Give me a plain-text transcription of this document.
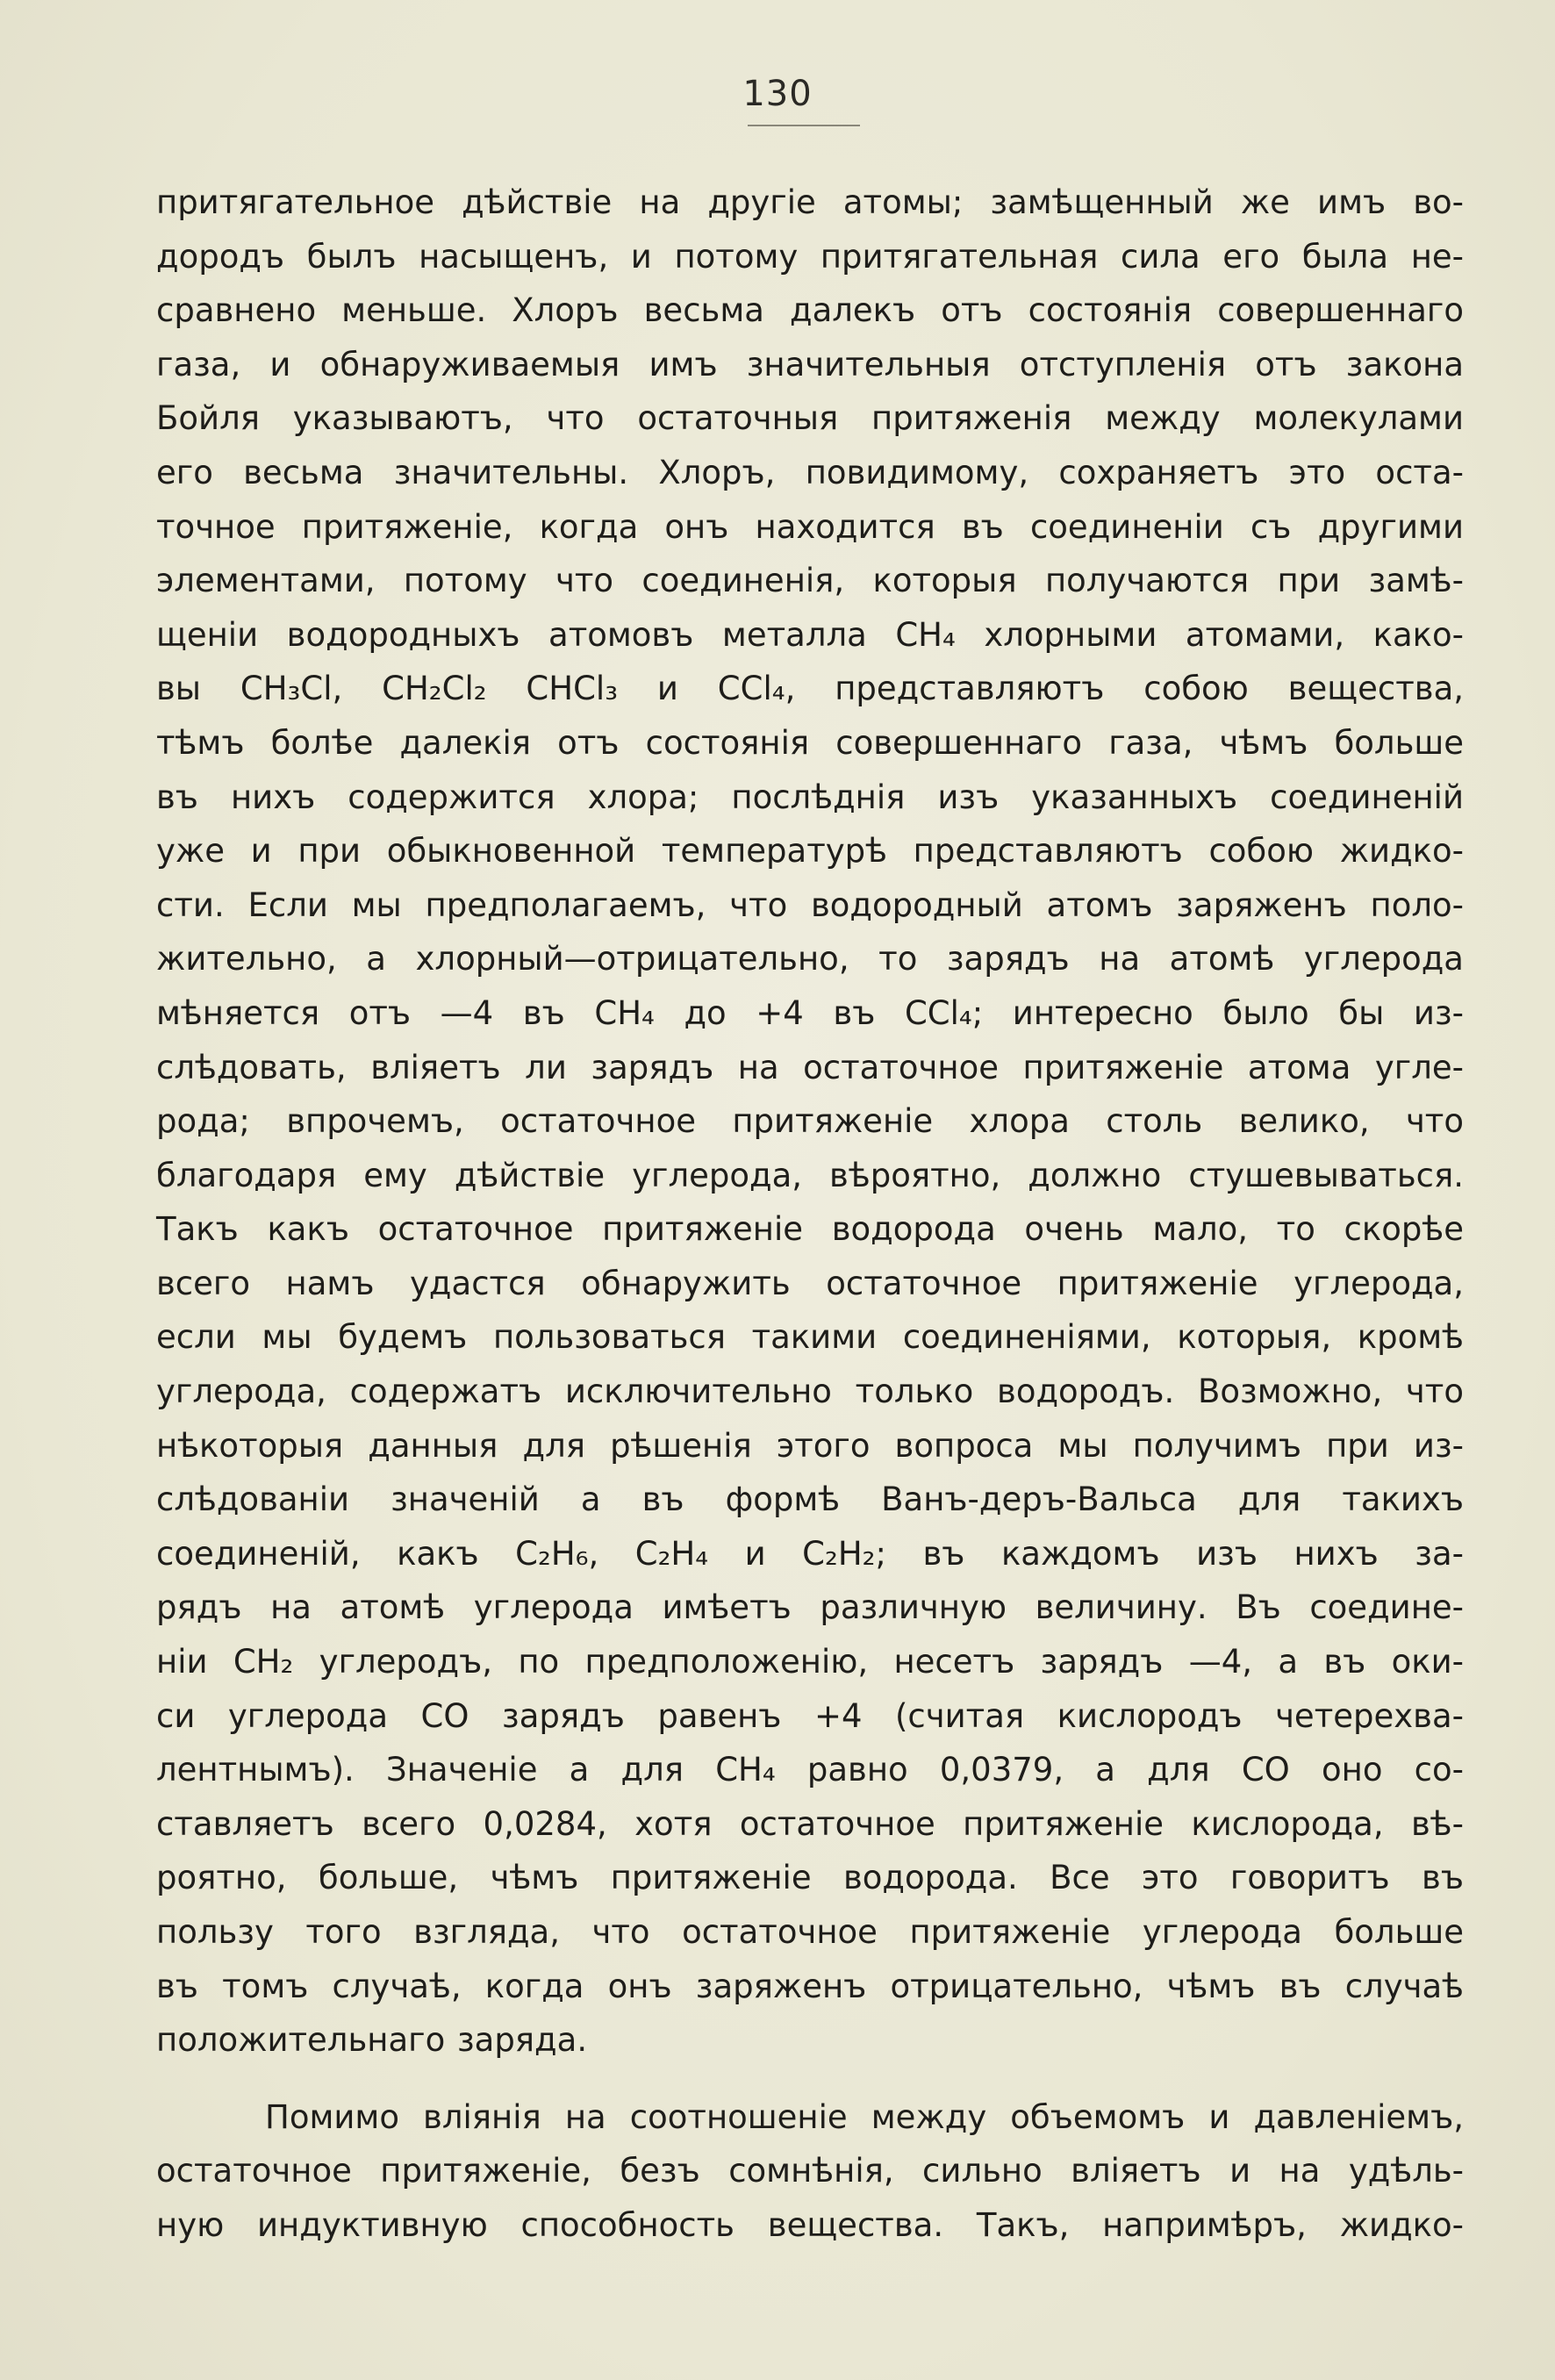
130
притягательное дѣйствіе на другіе атомы; замѣщенный же имъ во-
дородъ былъ насыщенъ, и потому притягательная сила его была не-
сравнено меньше. Хлоръ весьма далекъ отъ состоянія совершеннаго
газа, и обнаруживаемыя имъ значительныя отступленія отъ закона
Бойля указываютъ, что остаточныя притяженія между молекулами
его весьма значительны. Хлоръ, повидимому, сохраняетъ это оста-
точное притяженіе, когда онъ находится въ соединеніи съ другими
элементами, потому что соединенія, которыя получаются при замѣ-
щеніи водородныхъ атомовъ металла CH₄ хлорными атомами, како-
вы CH₃Cl, CH₂Cl₂ CHCl₃ и CCl₄, представляютъ собою вещества,
тѣмъ болѣе далекія отъ состоянія совершеннаго газа, чѣмъ больше
въ нихъ содержится хлора; послѣднія изъ указанныхъ соединеній
уже и при обыкновенной температурѣ представляютъ собою жидко-
сти. Если мы предполагаемъ, что водородный атомъ заряженъ поло-
жительно, а хлорный—отрицательно, то зарядъ на атомѣ углерода
мѣняется отъ —4 въ CH₄ до +4 въ CCl₄; интересно было бы из-
слѣдовать, вліяетъ ли зарядъ на остаточное притяженіе атома угле-
рода; впрочемъ, остаточное притяженіе хлора столь велико, что
благодаря ему дѣйствіе углерода, вѣроятно, должно стушевываться.
Такъ какъ остаточное притяженіе водорода очень мало, то скорѣе
всего намъ удастся обнаружить остаточное притяженіе углерода,
если мы будемъ пользоваться такими соединеніями, которыя, кромѣ
углерода, содержатъ исключительно только водородъ. Возможно, что
нѣкоторыя данныя для рѣшенія этого вопроса мы получимъ при из-
слѣдованіи значеній a въ формѣ Ванъ-деръ-Вальса для такихъ
соединеній, какъ C₂H₆, C₂H₄ и C₂H₂; въ каждомъ изъ нихъ за-
рядъ на атомѣ углерода имѣетъ различную величину. Въ соедине-
ніи CH₂ углеродъ, по предположенію, несетъ зарядъ —4, а въ оки-
си углерода CO зарядъ равенъ +4 (считая кислородъ четерехва-
лентнымъ). Значеніе a для CH₄ равно 0,0379, а для CO оно со-
ставляетъ всего 0,0284, хотя остаточное притяженіе кислорода, вѣ-
роятно, больше, чѣмъ притяженіе водорода. Все это говоритъ въ
пользу того взгляда, что остаточное притяженіе углерода больше
въ томъ случаѣ, когда онъ заряженъ отрицательно, чѣмъ въ случаѣ
положительнаго заряда.
Помимо вліянія на соотношеніе между объемомъ и давленіемъ,
остаточное притяженіе, безъ сомнѣнія, сильно вліяетъ и на удѣль-
ную индуктивную способность вещества. Такъ, напримѣръ, жидко-
